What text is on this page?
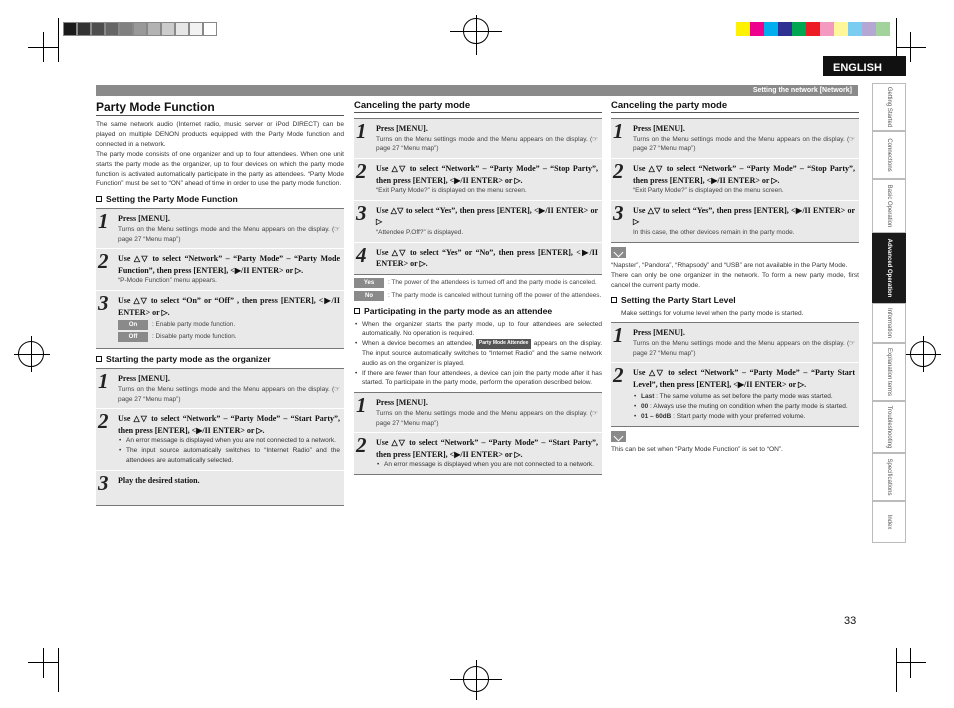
ENGLISH
Setting the network [Network]	Getting Started
Connections
Basic Operation
Advanced Operation
Information
Explanation terms
Troubleshooting
Specifications
Index
33
Party Mode Function

The same network audio (Internet radio, music server or iPod DIRECT) can be played on multiple DENON products equipped with the Party Mode function and connected in a network.

The party mode consists of one organizer and up to four attendees. When one unit starts the party mode as the organizer, up to four devices on which the party mode function is activated automatically participate in the party as attendees. “Party Mode Function” must be set to “ON” ahead of time in order to use the party mode function.

Setting the Party Mode Function
1 Press [MENU].
Turns on the Menu settings mode and the Menu appears on the display. (☞page 27 “Menu map”)
2 Use △▽ to select “Network” – “Party Mode” – “Party Mode Function”, then press [ENTER], <▶/II ENTER> or ▷.
“P-Mode Function” menu appears.
3 Use △▽ to select “On” or “Off” , then press [ENTER], <▶/II ENTER> or ▷.
On	: Enable party mode function.
Off	: Disable party mode function.
Starting the party mode as the organizer
1 Press [MENU].
Turns on the Menu settings mode and the Menu appears on the display. (☞page 27 “Menu map”)
2 Use △▽ to select “Network” – “Party Mode” – “Start Party”, then press [ENTER], <▶/II ENTER> or ▷.
• An error message is displayed when you are not connected to a network.
• The input source automatically switches to “Internet Radio” and the attendees are automatically selected.
3 Play the desired station.
Canceling the party mode
1 Press [MENU].
Turns on the Menu settings mode and the Menu appears on the display. (☞page 27 “Menu map”)
2 Use △▽ to select “Network” – “Party Mode” – “Stop Party”, then press [ENTER], <▶/II ENTER> or ▷.
“Exit Party Mode?” is displayed on the menu screen.
3 Use △▽ to select “Yes”, then press [ENTER], <▶/II ENTER> or ▷
“Attendee P.Off?” is displayed.
4 Use △▽ to select “Yes” or “No”, then press [ENTER], <▶/II ENTER> or ▷.
Yes	: The power of the attendees is turned off and the party mode is canceled.
No	: The party mode is canceled without turning off the power of the attendees.
Participating in the party mode as an attendee
• When the organizer starts the party mode, up to four attendees are selected automatically. No operation is required.
• When a device becomes an attendee, Party Mode Attendee appears on the display. The input source automatically switches to “Internet Radio” and the same network audio as on the organizer is played.
• If there are fewer than four attendees, a device can join the party mode after it has started. To participate in the party mode, perform the operation described below.
1 Press [MENU].
Turns on the Menu settings mode and the Menu appears on the display. (☞page 27 “Menu map”)
2 Use △▽ to select “Network” – “Party Mode” – “Start Party”, then press [ENTER], <▶/II ENTER> or ▷.
• An error message is displayed when you are not connected to a network.
Canceling the party mode
1 Press [MENU].
Turns on the Menu settings mode and the Menu appears on the display. (☞page 27 “Menu map”)
2 Use △▽ to select “Network” – “Party Mode” – “Stop Party”, then press [ENTER], <▶/II ENTER> or ▷.
“Exit Party Mode?” is displayed on the menu screen.
3 Use △▽ to select “Yes”, then press [ENTER], <▶/II ENTER> or ▷
In this case, the other devices remain in the party mode.

“Napster”, “Pandora”, “Rhapsody” and “USB” are not available in the Party Mode.

There can only be one organizer in the network. To form a new party mode, first cancel the current party mode.

Setting the Party Start Level

Make settings for volume level when the party mode is started.

1 Press [MENU].
Turns on the Menu settings mode and the Menu appears on the display. (☞page 27 “Menu map”)
2 Use △▽ to select “Network” – “Party Mode” – “Party Start Level”, then press [ENTER], <▶/II ENTER> or ▷.
• Last : The same volume as set before the party mode was started.
• 00 : Always use the muting on condition when the party mode is started.
• 01 – 60dB : Start party mode with your preferred volume.

This can be set when “Party Mode Function” is set to “ON”.
